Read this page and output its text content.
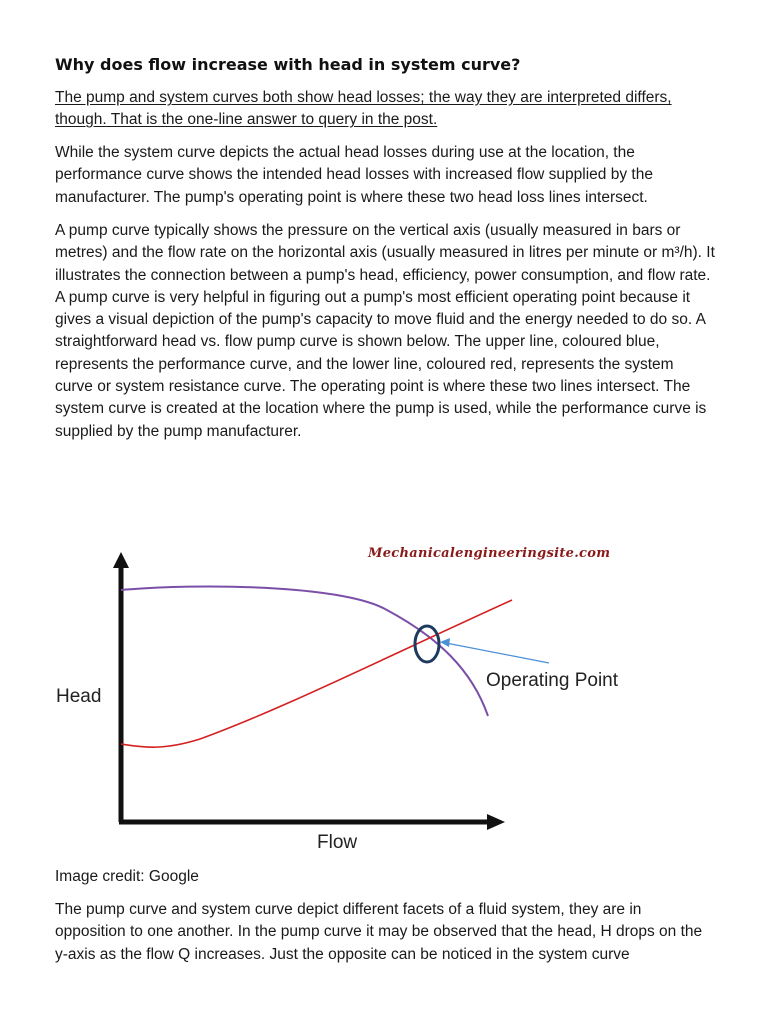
Why does flow increase with head in system curve?

The pump and system curves both show head losses; the way they are interpreted differs, though. That is the one-line answer to query in the post.

While the system curve depicts the actual head losses during use at the location, the performance curve shows the intended head losses with increased flow supplied by the manufacturer. The pump's operating point is where these two head loss lines intersect.

A pump curve typically shows the pressure on the vertical axis (usually measured in bars or metres) and the flow rate on the horizontal axis (usually measured in litres per minute or m³/h). It illustrates the connection between a pump's head, efficiency, power consumption, and flow rate. A pump curve is very helpful in figuring out a pump's most efficient operating point because it gives a visual depiction of the pump's capacity to move fluid and the energy needed to do so. A straightforward head vs. flow pump curve is shown below. The upper line, coloured blue, represents the performance curve, and the lower line, coloured red, represents the system curve or system resistance curve. The operating point is where these two lines intersect. The system curve is created at the location where the pump is used, while the performance curve is supplied by the pump manufacturer.

Mechanicalengineeringsite.com
Operating Point
Head
Flow

Image credit: Google

The pump curve and system curve depict different facets of a fluid system, they are in opposition to one another. In the pump curve it may be observed that the head, H drops on the y-axis as the flow Q increases. Just the opposite can be noticed in the system curve
